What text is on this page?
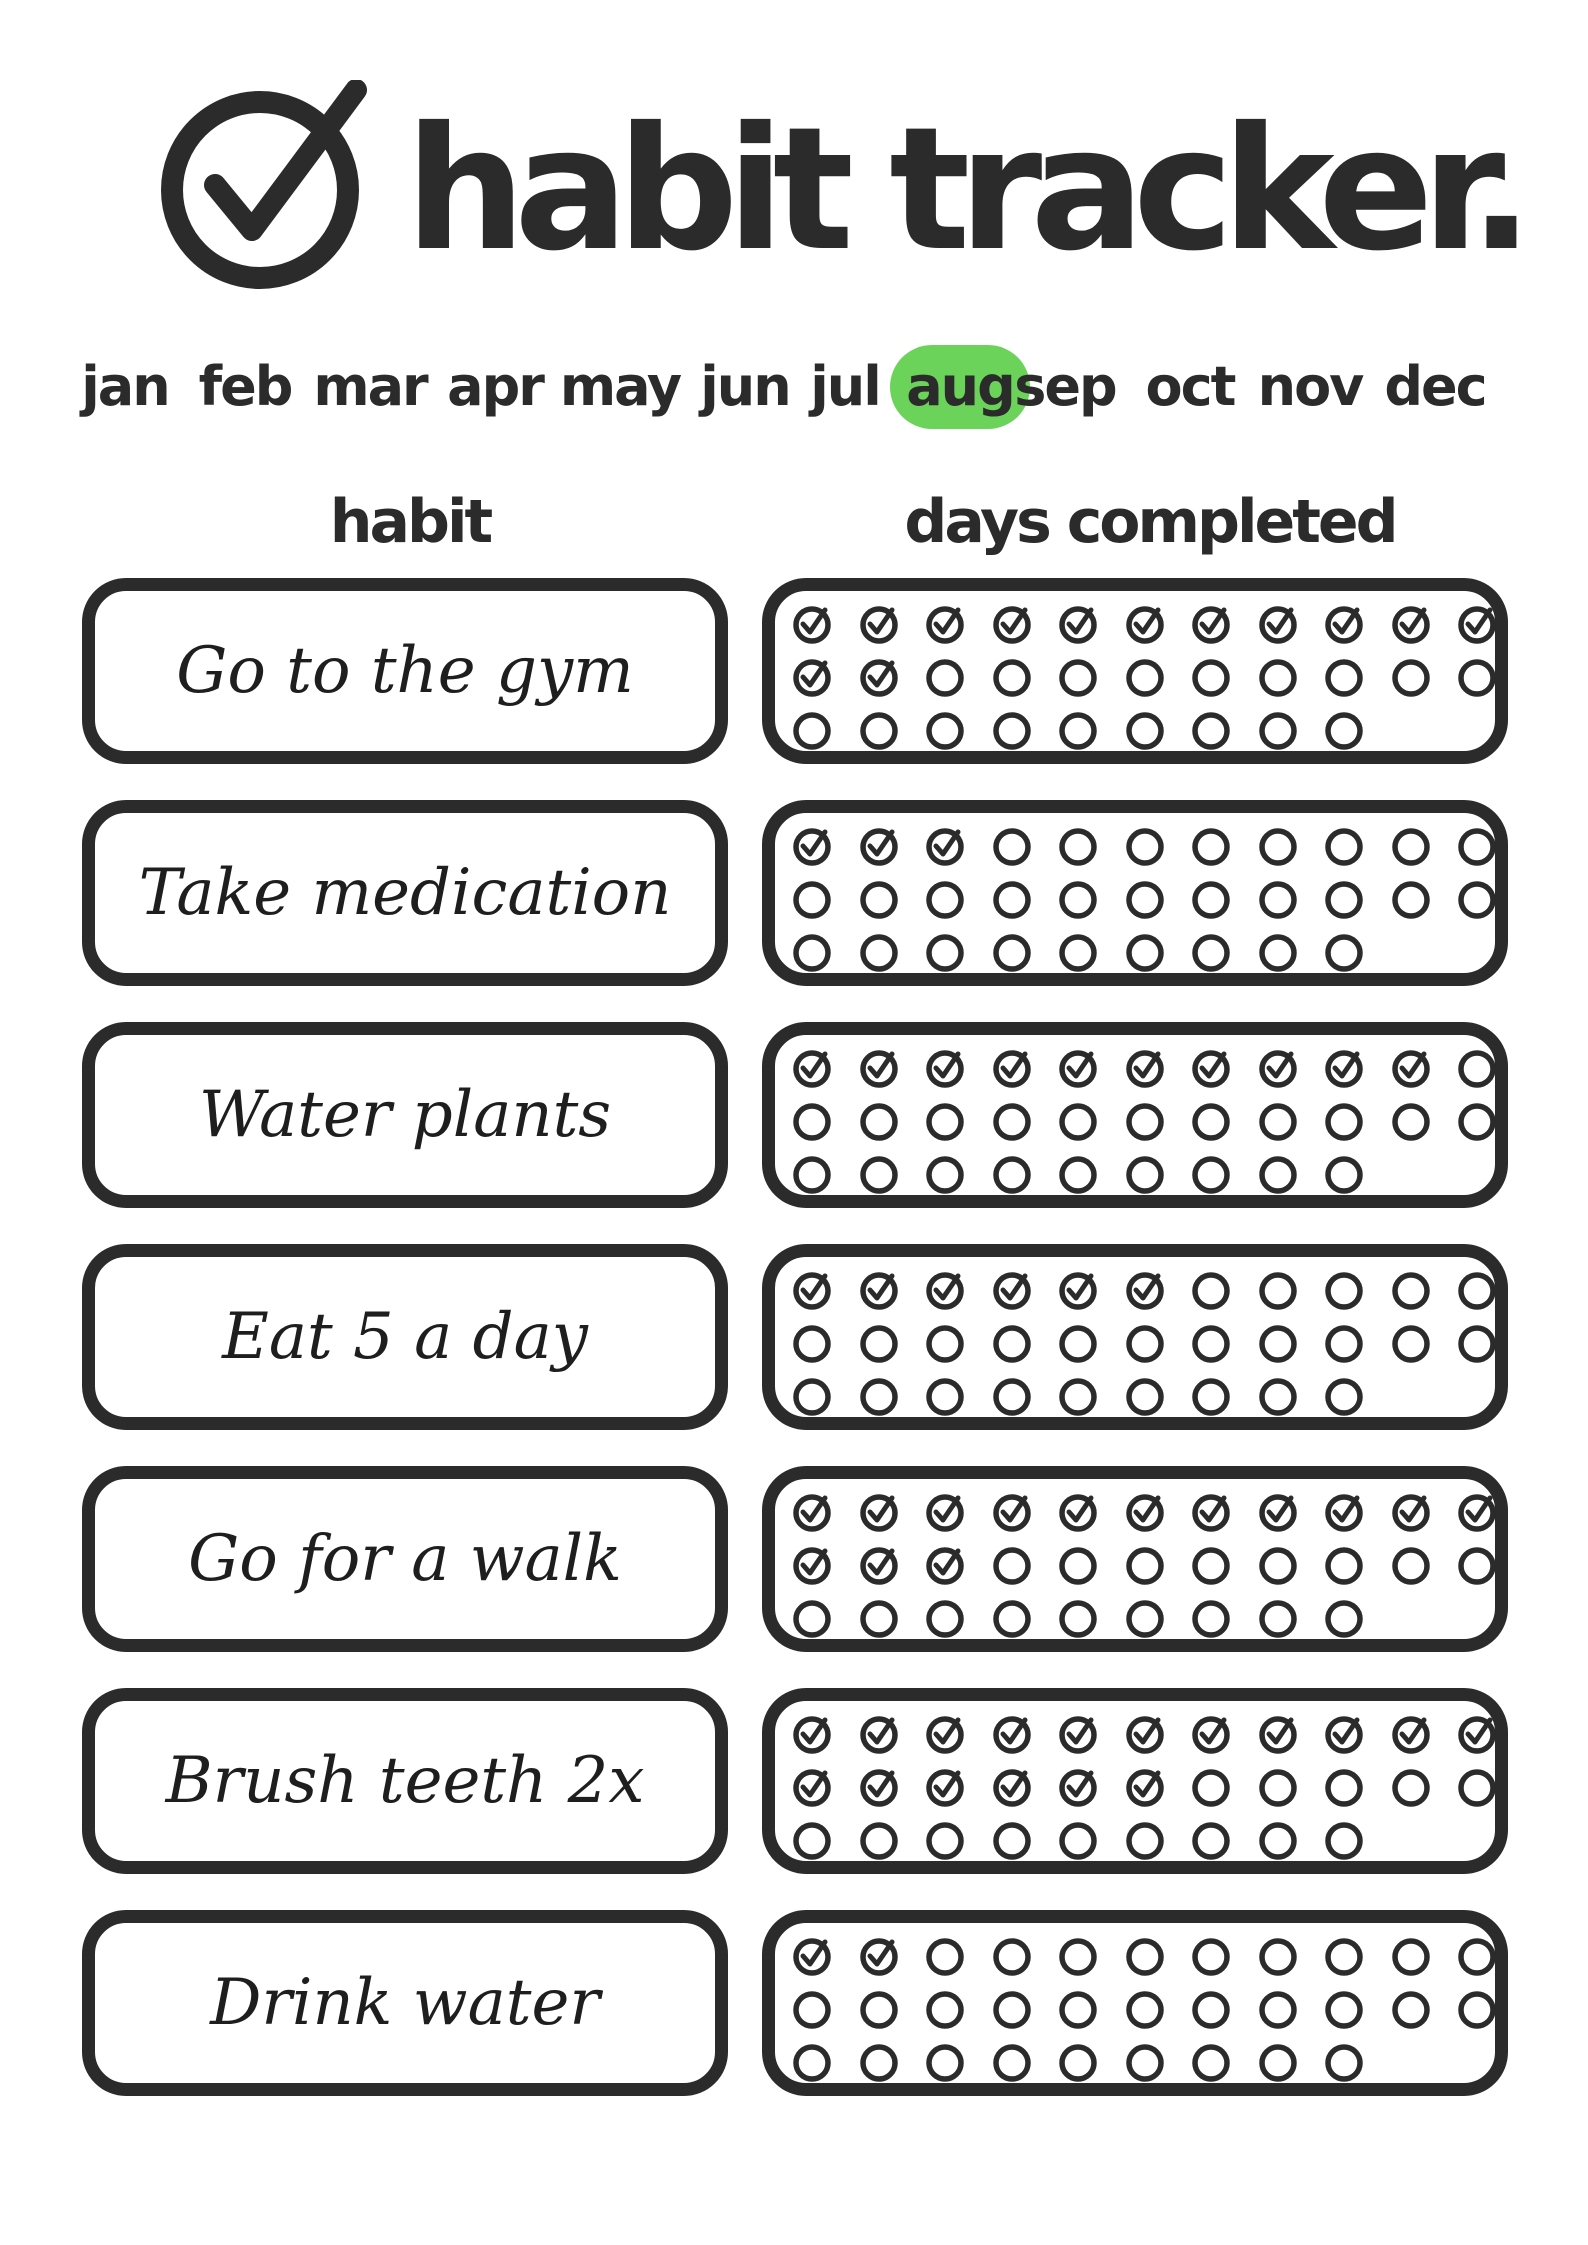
habit tracker.
jan feb mar apr may jun jul aug sep oct nov dec
habit	days completed
Go to the gym
Take medication
Water plants
Eat 5 a day
Go for a walk
Brush teeth 2x
Drink water
